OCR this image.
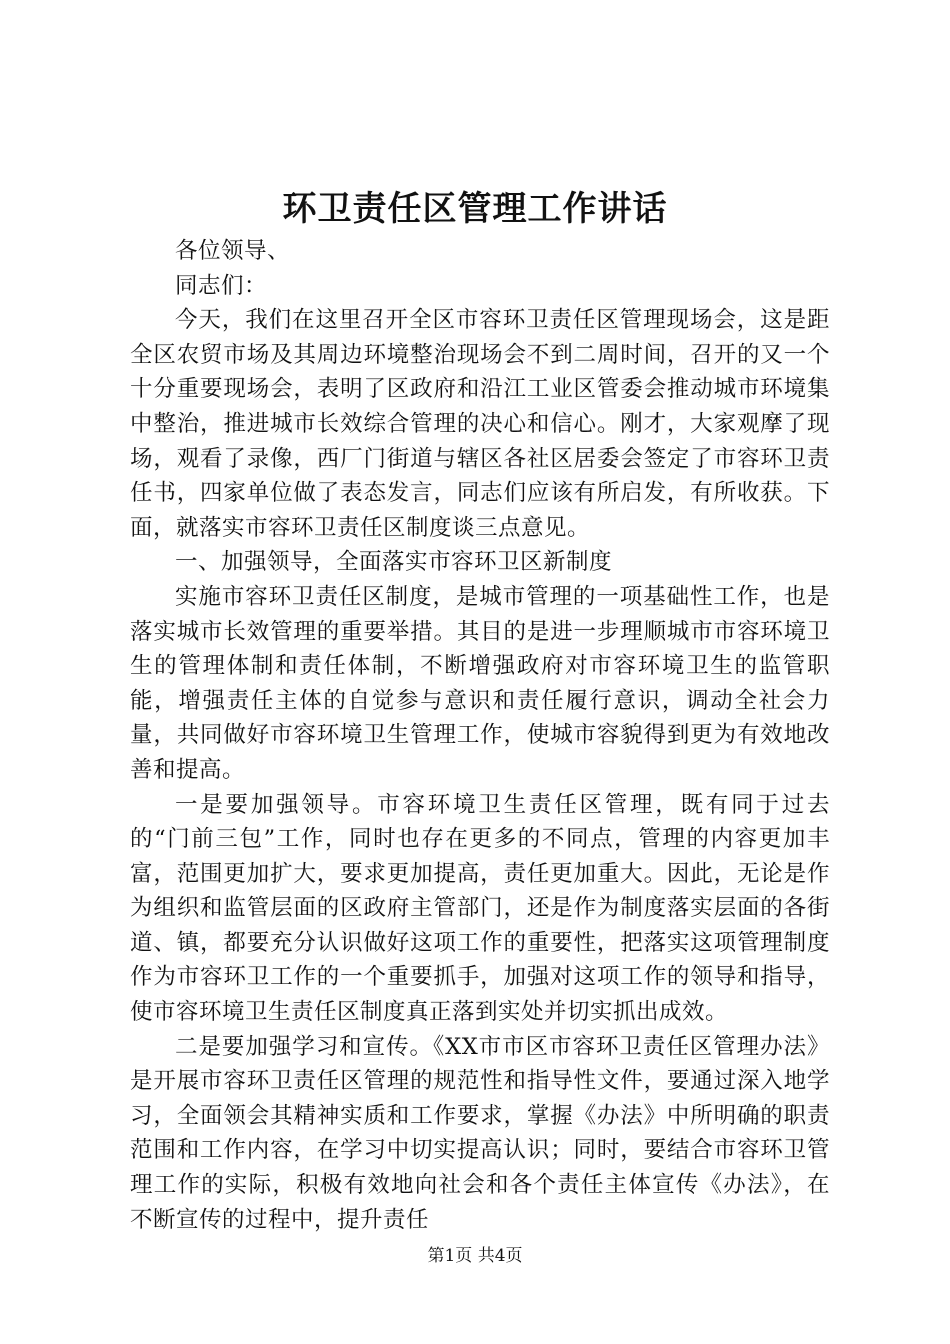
环卫责任区管理工作讲话

各位领导、

同志们：

今天，我们在这里召开全区市容环卫责任区管理现场会，这是距全区农贸市场及其周边环境整治现场会不到二周时间，召开的又一个十分重要现场会，表明了区政府和沿江工业区管委会推动城市环境集中整治，推进城市长效综合管理的决心和信心。刚才，大家观摩了现场，观看了录像，西厂门街道与辖区各社区居委会签定了市容环卫责任书，四家单位做了表态发言，同志们应该有所启发，有所收获。下面，就落实市容环卫责任区制度谈三点意见。

一、加强领导，全面落实市容环卫区新制度

实施市容环卫责任区制度，是城市管理的一项基础性工作，也是落实城市长效管理的重要举措。其目的是进一步理顺城市市容环境卫生的管理体制和责任体制，不断增强政府对市容环境卫生的监管职能，增强责任主体的自觉参与意识和责任履行意识，调动全社会力量，共同做好市容环境卫生管理工作，使城市容貌得到更为有效地改善和提高。

一是要加强领导。市容环境卫生责任区管理，既有同于过去的“门前三包”工作，同时也存在更多的不同点，管理的内容更加丰富，范围更加扩大，要求更加提高，责任更加重大。因此，无论是作为组织和监管层面的区政府主管部门，还是作为制度落实层面的各街道、镇，都要充分认识做好这项工作的重要性，把落实这项管理制度作为市容环卫工作的一个重要抓手，加强对这项工作的领导和指导，使市容环境卫生责任区制度真正落到实处并切实抓出成效。

二是要加强学习和宣传。《XX市市区市容环卫责任区管理办法》是开展市容环卫责任区管理的规范性和指导性文件，要通过深入地学习，全面领会其精神实质和工作要求，掌握《办法》中所明确的职责范围和工作内容，在学习中切实提高认识；同时，要结合市容环卫管理工作的实际，积极有效地向社会和各个责任主体宣传《办法》，在不断宣传的过程中，提升责任

第1页 共4页
